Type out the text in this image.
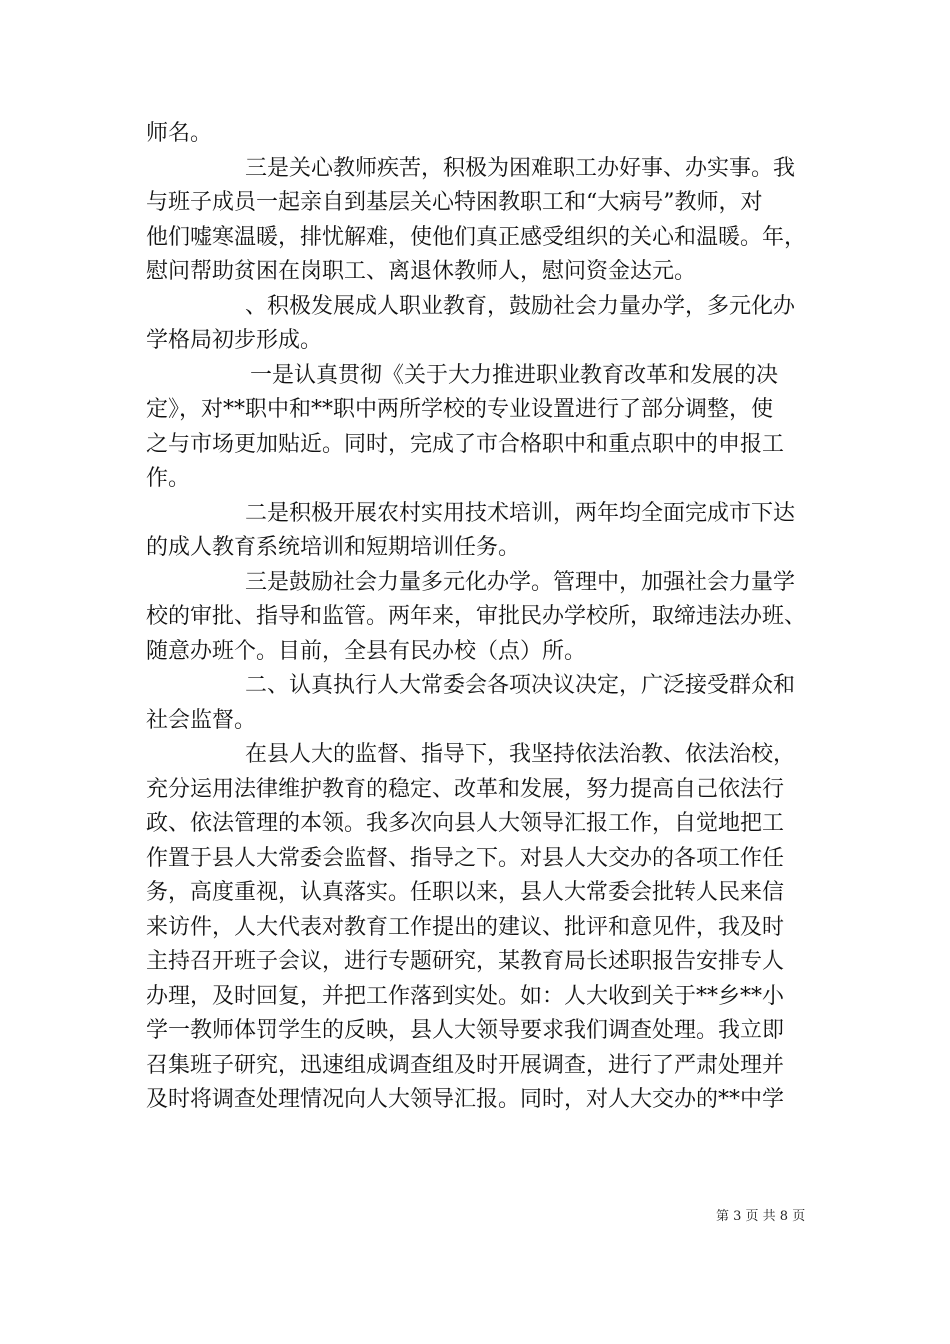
师名。
三是关心教师疾苦，积极为困难职工办好事、办实事。我
与班子成员一起亲自到基层关心特困教职工和“大病号”教师，对
他们嘘寒温暖，排忧解难，使他们真正感受组织的关心和温暖。年，
慰问帮助贫困在岗职工、离退休教师人，慰问资金达元。
、积极发展成人职业教育，鼓励社会力量办学，多元化办
学格局初步形成。
一是认真贯彻《关于大力推进职业教育改革和发展的决
定》，对**职中和**职中两所学校的专业设置进行了部分调整，使
之与市场更加贴近。同时，完成了市合格职中和重点职中的申报工
作。
二是积极开展农村实用技术培训，两年均全面完成市下达
的成人教育系统培训和短期培训任务。
三是鼓励社会力量多元化办学。管理中，加强社会力量学
校的审批、指导和监管。两年来，审批民办学校所，取缔违法办班、
随意办班个。目前，全县有民办校（点）所。
二、认真执行人大常委会各项决议决定，广泛接受群众和
社会监督。
在县人大的监督、指导下，我坚持依法治教、依法治校，
充分运用法律维护教育的稳定、改革和发展，努力提高自己依法行
政、依法管理的本领。我多次向县人大领导汇报工作，自觉地把工
作置于县人大常委会监督、指导之下。对县人大交办的各项工作任
务，高度重视，认真落实。任职以来，县人大常委会批转人民来信
来访件，人大代表对教育工作提出的建议、批评和意见件，我及时
主持召开班子会议，进行专题研究，某教育局长述职报告安排专人
办理，及时回复，并把工作落到实处。如：人大收到关于**乡**小
学一教师体罚学生的反映，县人大领导要求我们调查处理。我立即
召集班子研究，迅速组成调查组及时开展调查，进行了严肃处理并
及时将调查处理情况向人大领导汇报。同时，对人大交办的**中学
第 3 页 共 8 页
